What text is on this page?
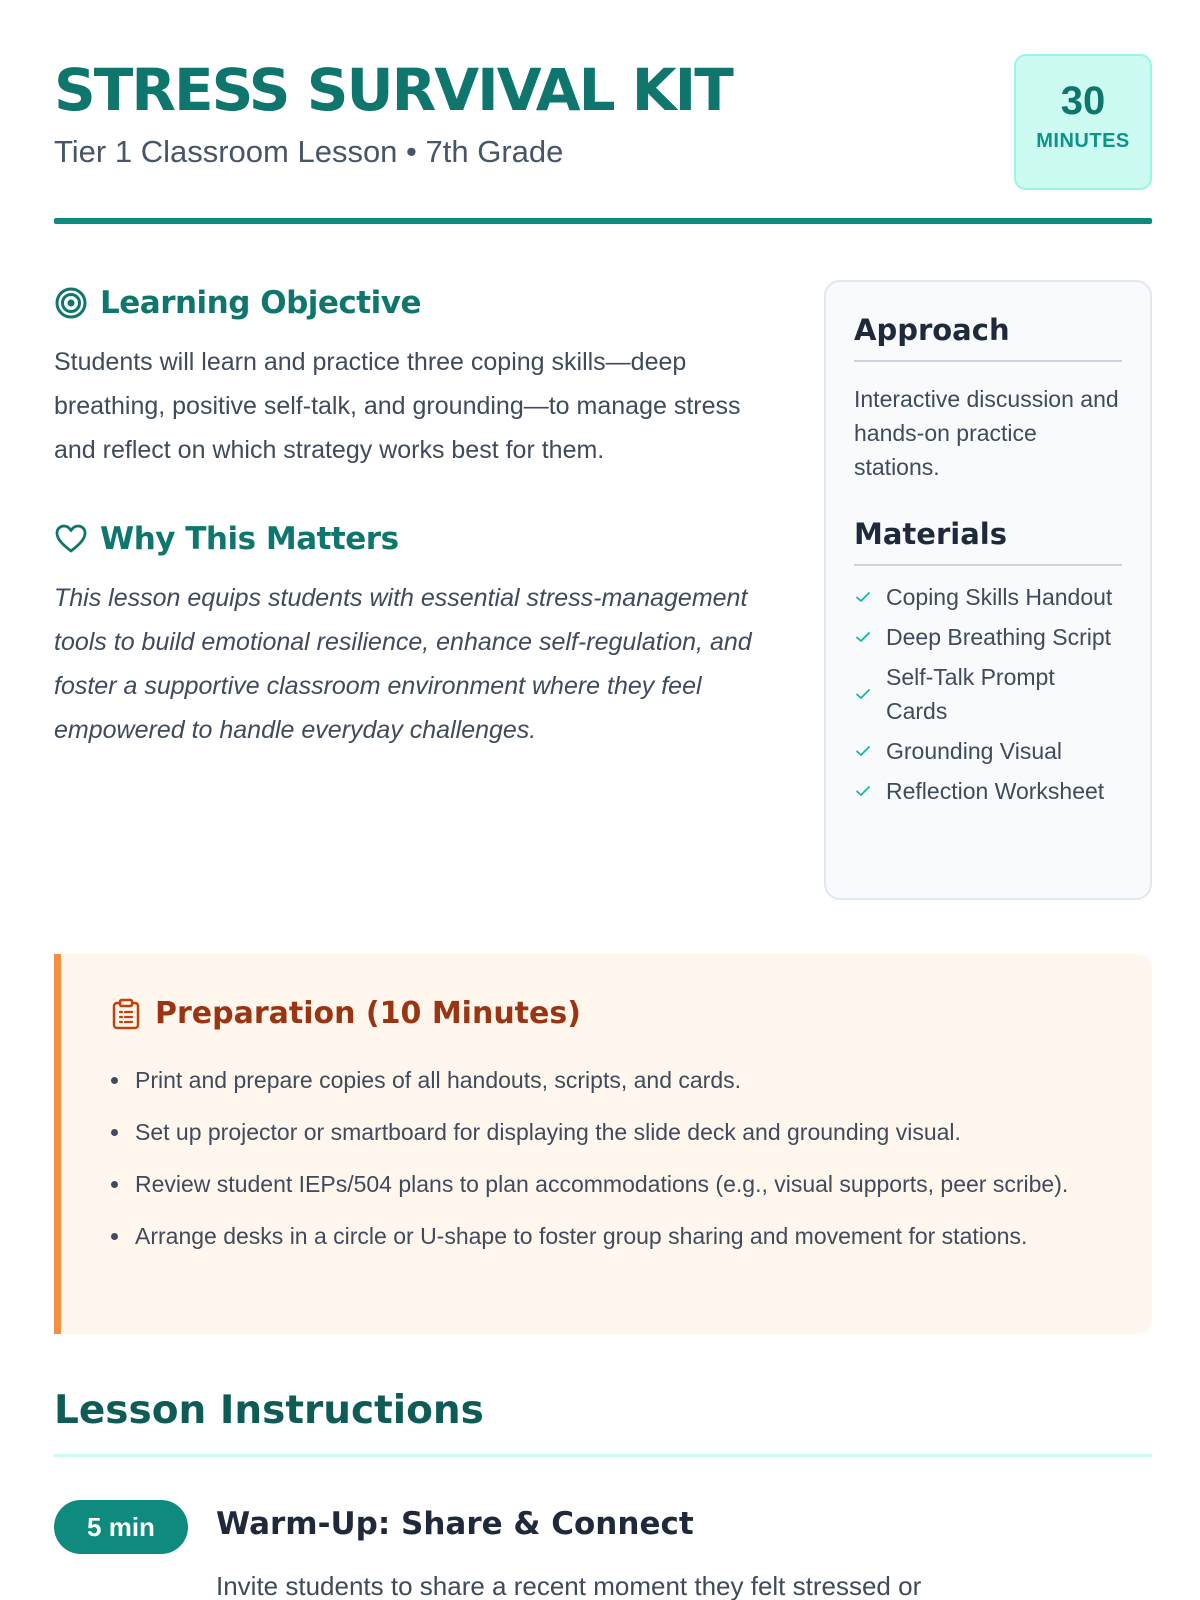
STRESS SURVIVAL KIT
Tier 1 Classroom Lesson • 7th Grade
30
MINUTES
Learning Objective

Students will learn and practice three coping skills—deep breathing, positive self-talk, and grounding—to manage stress and reflect on which strategy works best for them.

Why This Matters

This lesson equips students with essential stress-management tools to build emotional resilience, enhance self-regulation, and foster a supportive classroom environment where they feel empowered to handle everyday challenges.

Approach

Interactive discussion and hands-on practice stations.

Materials
Coping Skills Handout
Deep Breathing Script
Self-Talk Prompt Cards
Grounding Visual
Reflection Worksheet
Preparation (10 Minutes)
Print and prepare copies of all handouts, scripts, and cards.
Set up projector or smartboard for displaying the slide deck and grounding visual.
Review student IEPs/504 plans to plan accommodations (e.g., visual supports, peer scribe).
Arrange desks in a circle or U-shape to foster group sharing and movement for stations.
Lesson Instructions
5 min	Warm-Up: Share & Connect

Invite students to share a recent moment they felt stressed or
